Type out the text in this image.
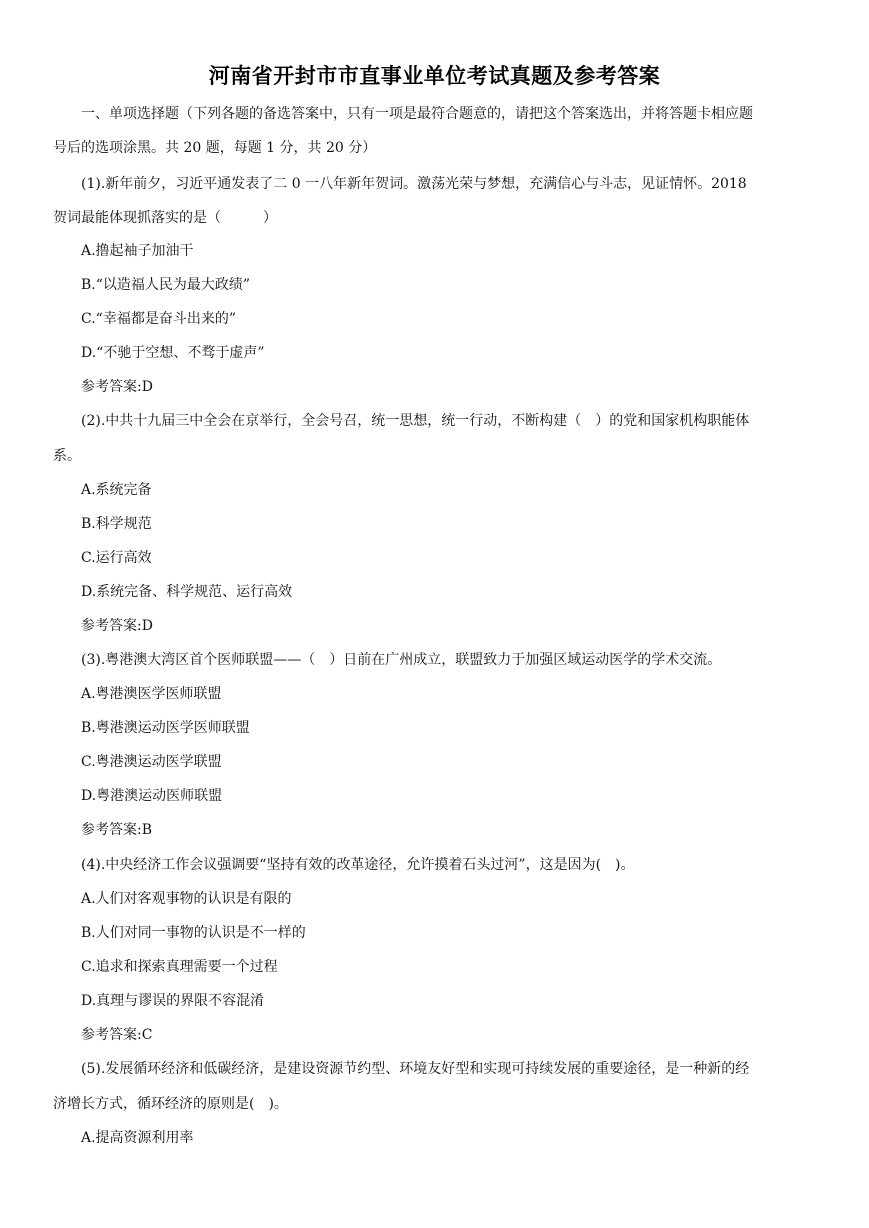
河南省开封市市直事业单位考试真题及参考答案
一、单项选择题（下列各题的备选答案中，只有一项是最符合题意的，请把这个答案选出，并将答题卡相应题
号后的选项涂黑。共 20 题，每题 1 分，共 20 分）
(1).新年前夕，习近平通发表了二 0 一八年新年贺词。激荡光荣与梦想，充满信心与斗志，见证情怀。2018
贺词最能体现抓落实的是（　　　）
A.撸起袖子加油干
B.“以造福人民为最大政绩”
C.“幸福都是奋斗出来的”
D.“不驰于空想、不骛于虚声”
参考答案:D
(2).中共十九届三中全会在京举行，全会号召，统一思想，统一行动，不断构建（　）的党和国家机构职能体
系。
A.系统完备
B.科学规范
C.运行高效
D.系统完备、科学规范、运行高效
参考答案:D
(3).粤港澳大湾区首个医师联盟——（　）日前在广州成立，联盟致力于加强区域运动医学的学术交流。
A.粤港澳医学医师联盟
B.粤港澳运动医学医师联盟
C.粤港澳运动医学联盟
D.粤港澳运动医师联盟
参考答案:B
(4).中央经济工作会议强调要“坚持有效的改革途径，允许摸着石头过河”，这是因为(　)。
A.人们对客观事物的认识是有限的
B.人们对同一事物的认识是不一样的
C.追求和探索真理需要一个过程
D.真理与谬误的界限不容混淆
参考答案:C
(5).发展循环经济和低碳经济，是建设资源节约型、环境友好型和实现可持续发展的重要途径，是一种新的经
济增长方式，循环经济的原则是(　)。
A.提高资源利用率
